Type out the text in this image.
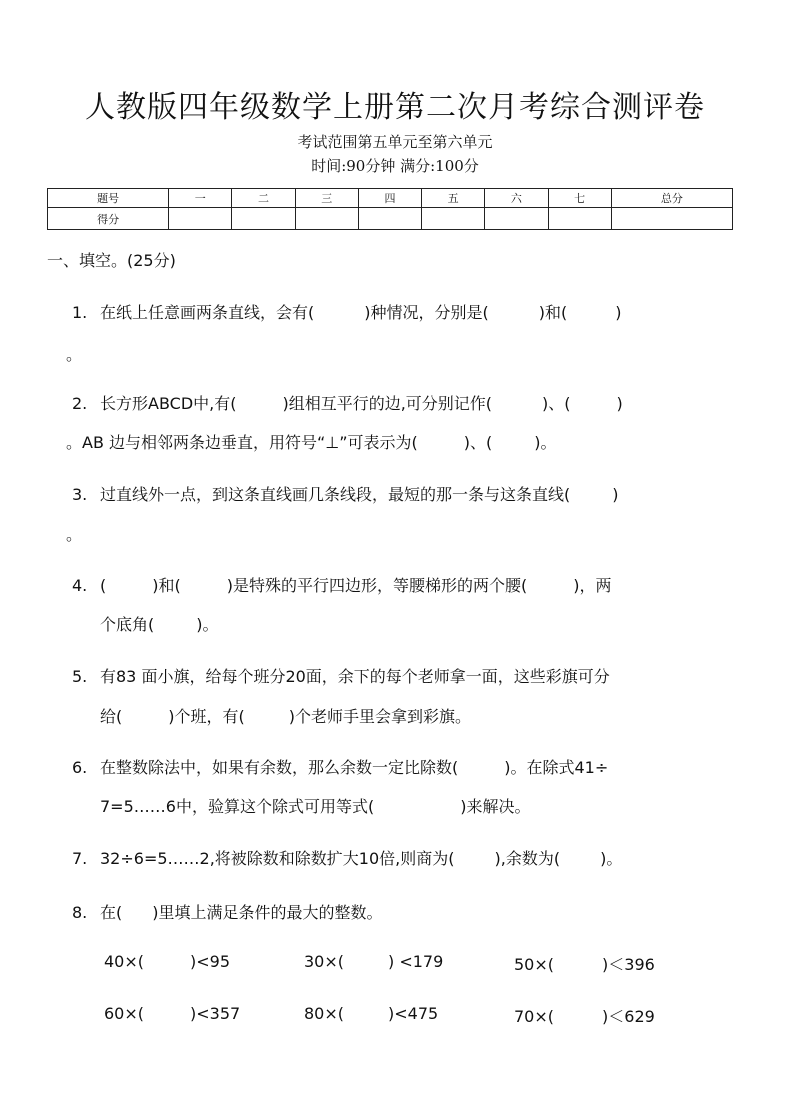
人教版四年级数学上册第二次月考综合测评卷
考试范围第五单元至第六单元
时间:90分钟 满分:100分
题号	一	二	三	四	五	六	七	总分
得分								
一、填空。(25分)
1. 在纸上任意画两条直线，会有(	)种情况，分别是(	)和(	)
。
2. 长方形ABCD中,有(	)组相互平行的边,可分别记作(	)、(	)
。AB 边与相邻两条边垂直，用符号“⊥”可表示为(	)、(	)。
3. 过直线外一点，到这条直线画几条线段，最短的那一条与这条直线(	)
。
4. (	)和(	)是特殊的平行四边形，等腰梯形的两个腰(	)，两
个底角(	)。
5. 有83 面小旗，给每个班分20面，余下的每个老师拿一面，这些彩旗可分
给(	)个班，有(	)个老师手里会拿到彩旗。
6. 在整数除法中，如果有余数，那么余数一定比除数(	)。在除式41÷
7=5……6中，验算这个除式可用等式(	)来解决。
7. 32÷6=5……2,将被除数和除数扩大10倍,则商为(	),余数为(	)。
8. 在( )里填上满足条件的最大的整数。
40×(	)<95	30×(	) <179	50×(	)＜396
60×(	)<357	80×(	)<475	70×(	)＜629
